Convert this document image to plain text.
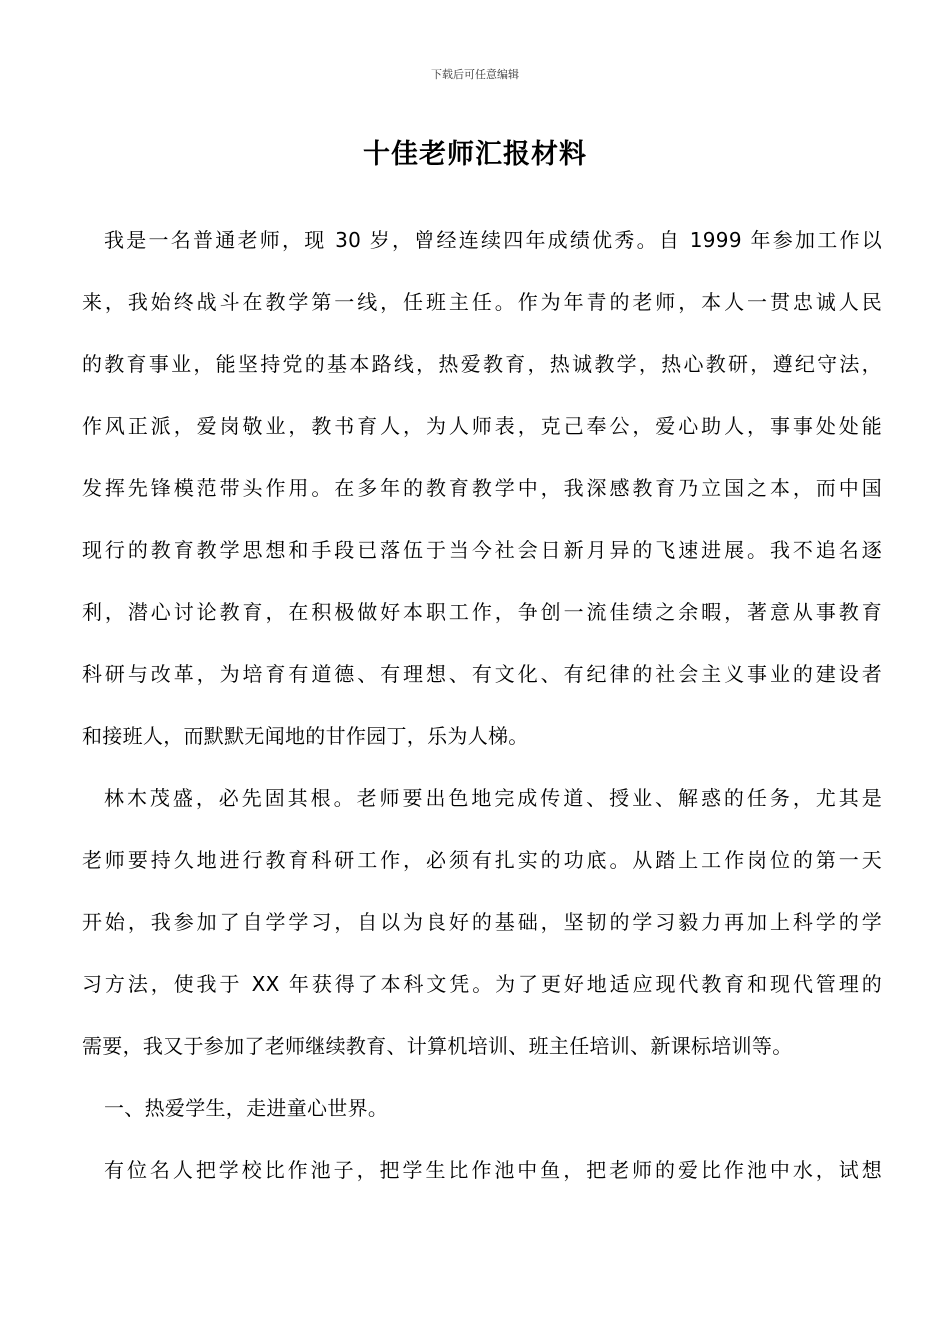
下载后可任意编辑
十佳老师汇报材料
我是一名普通老师，现 30 岁，曾经连续四年成绩优秀。自 1999 年参加工作以
来，我始终战斗在教学第一线，任班主任。作为年青的老师，本人一贯忠诚人民
的教育事业，能坚持党的基本路线，热爱教育，热诚教学，热心教研，遵纪守法，
作风正派，爱岗敬业，教书育人，为人师表，克己奉公，爱心助人，事事处处能
发挥先锋模范带头作用。在多年的教育教学中，我深感教育乃立国之本，而中国
现行的教育教学思想和手段已落伍于当今社会日新月异的飞速进展。我不追名逐
利，潜心讨论教育，在积极做好本职工作，争创一流佳绩之余暇，著意从事教育
科研与改革，为培育有道德、有理想、有文化、有纪律的社会主义事业的建设者
和接班人，而默默无闻地的甘作园丁，乐为人梯。
林木茂盛，必先固其根。老师要出色地完成传道、授业、解惑的任务，尤其是
老师要持久地进行教育科研工作，必须有扎实的功底。从踏上工作岗位的第一天
开始，我参加了自学学习，自以为良好的基础，坚韧的学习毅力再加上科学的学
习方法，使我于 XX 年获得了本科文凭。为了更好地适应现代教育和现代管理的
需要，我又于参加了老师继续教育、计算机培训、班主任培训、新课标培训等。
一、热爱学生，走进童心世界。
有位名人把学校比作池子，把学生比作池中鱼，把老师的爱比作池中水，试想
